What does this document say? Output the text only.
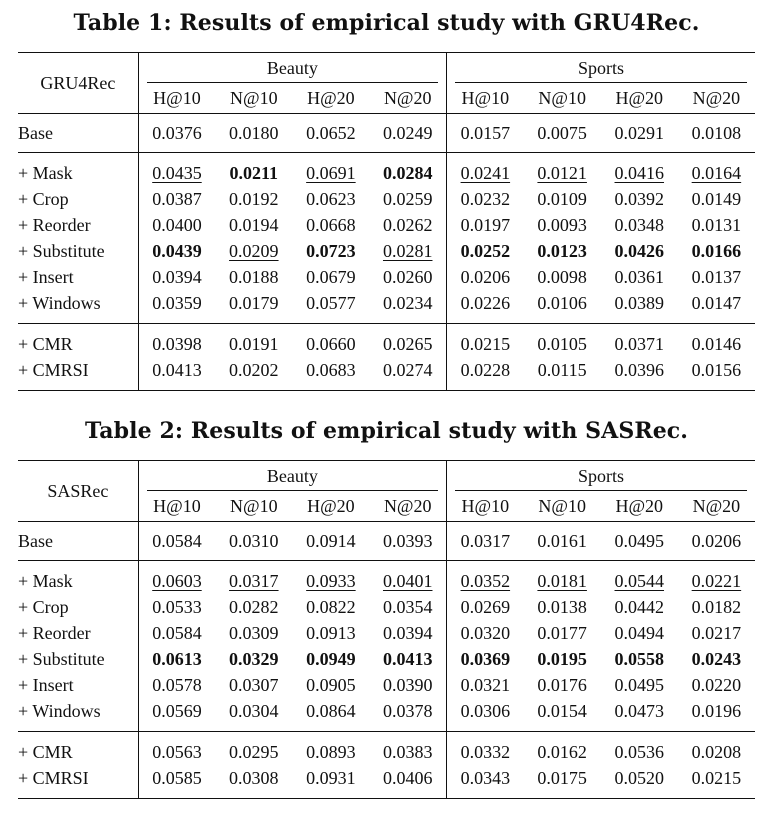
Table 1: Results of empirical study with GRU4Rec.
GRU4Rec	Beauty				Sports			

	H@10	N@10	H@20	N@20	H@10	N@10	H@20	N@20
Base	0.0376	0.0180	0.0652	0.0249	0.0157	0.0075	0.0291	0.0108
+ Mask	0.0435	0.0211	0.0691	0.0284	0.0241	0.0121	0.0416	0.0164
+ Crop	0.0387	0.0192	0.0623	0.0259	0.0232	0.0109	0.0392	0.0149
+ Reorder	0.0400	0.0194	0.0668	0.0262	0.0197	0.0093	0.0348	0.0131
+ Substitute	0.0439	0.0209	0.0723	0.0281	0.0252	0.0123	0.0426	0.0166
+ Insert	0.0394	0.0188	0.0679	0.0260	0.0206	0.0098	0.0361	0.0137
+ Windows	0.0359	0.0179	0.0577	0.0234	0.0226	0.0106	0.0389	0.0147
+ CMR	0.0398	0.0191	0.0660	0.0265	0.0215	0.0105	0.0371	0.0146
+ CMRSI	0.0413	0.0202	0.0683	0.0274	0.0228	0.0115	0.0396	0.0156
Table 2: Results of empirical study with SASRec.
SASRec	Beauty				Sports			

	H@10	N@10	H@20	N@20	H@10	N@10	H@20	N@20
Base	0.0584	0.0310	0.0914	0.0393	0.0317	0.0161	0.0495	0.0206
+ Mask	0.0603	0.0317	0.0933	0.0401	0.0352	0.0181	0.0544	0.0221
+ Crop	0.0533	0.0282	0.0822	0.0354	0.0269	0.0138	0.0442	0.0182
+ Reorder	0.0584	0.0309	0.0913	0.0394	0.0320	0.0177	0.0494	0.0217
+ Substitute	0.0613	0.0329	0.0949	0.0413	0.0369	0.0195	0.0558	0.0243
+ Insert	0.0578	0.0307	0.0905	0.0390	0.0321	0.0176	0.0495	0.0220
+ Windows	0.0569	0.0304	0.0864	0.0378	0.0306	0.0154	0.0473	0.0196
+ CMR	0.0563	0.0295	0.0893	0.0383	0.0332	0.0162	0.0536	0.0208
+ CMRSI	0.0585	0.0308	0.0931	0.0406	0.0343	0.0175	0.0520	0.0215
